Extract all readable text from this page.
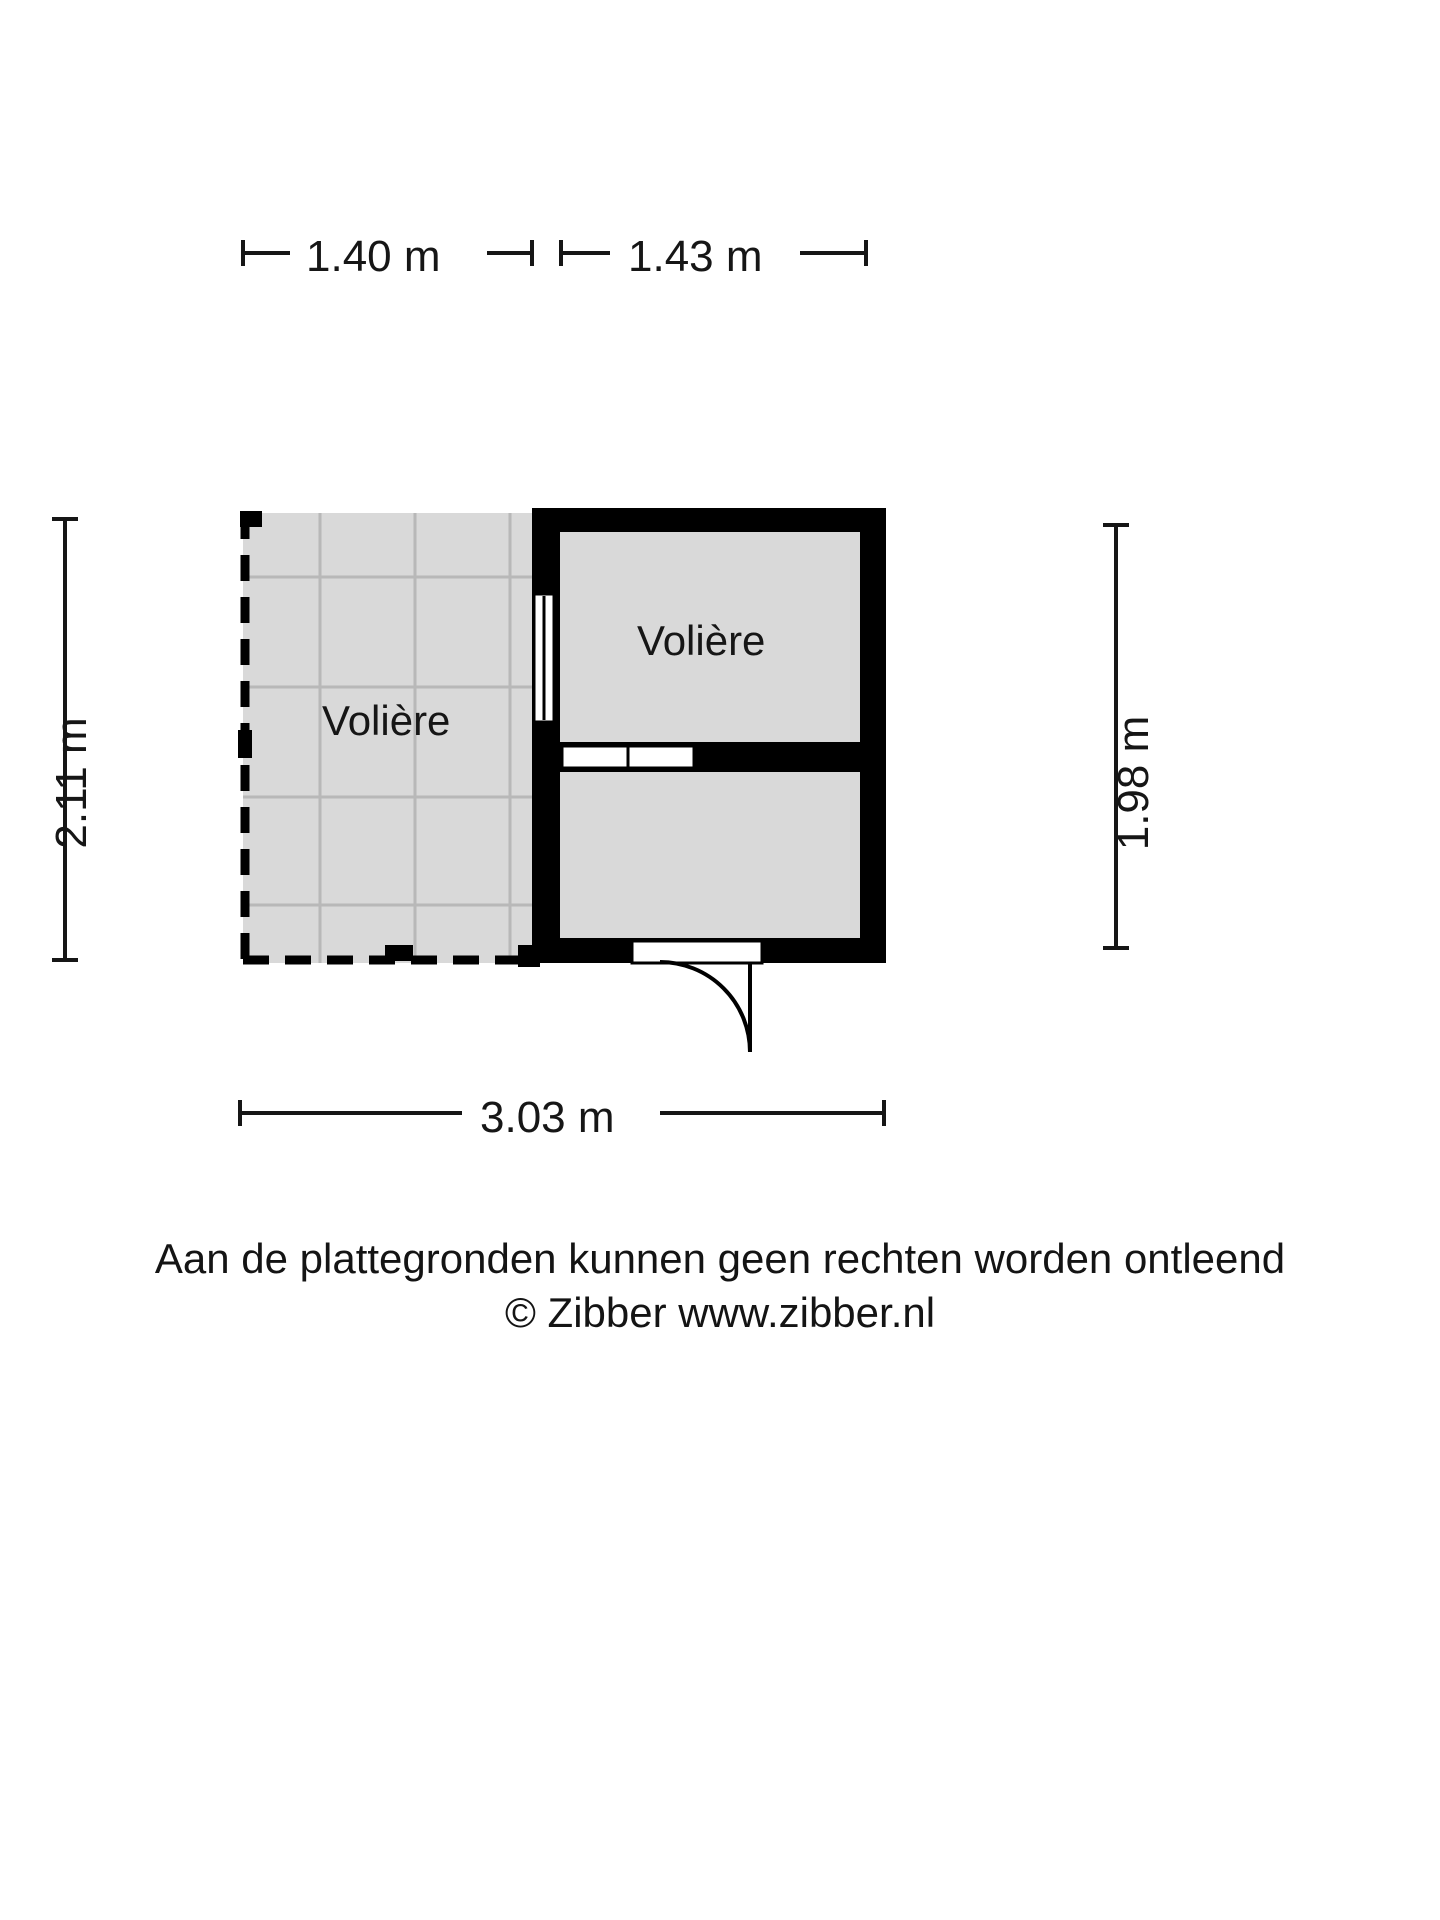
1.40 m	1.43 m
3.03 m
2.11 m	1.98 m
Volière
Volière
Aan de plattegronden kunnen geen rechten worden ontleend
© Zibber www.zibber.nl
